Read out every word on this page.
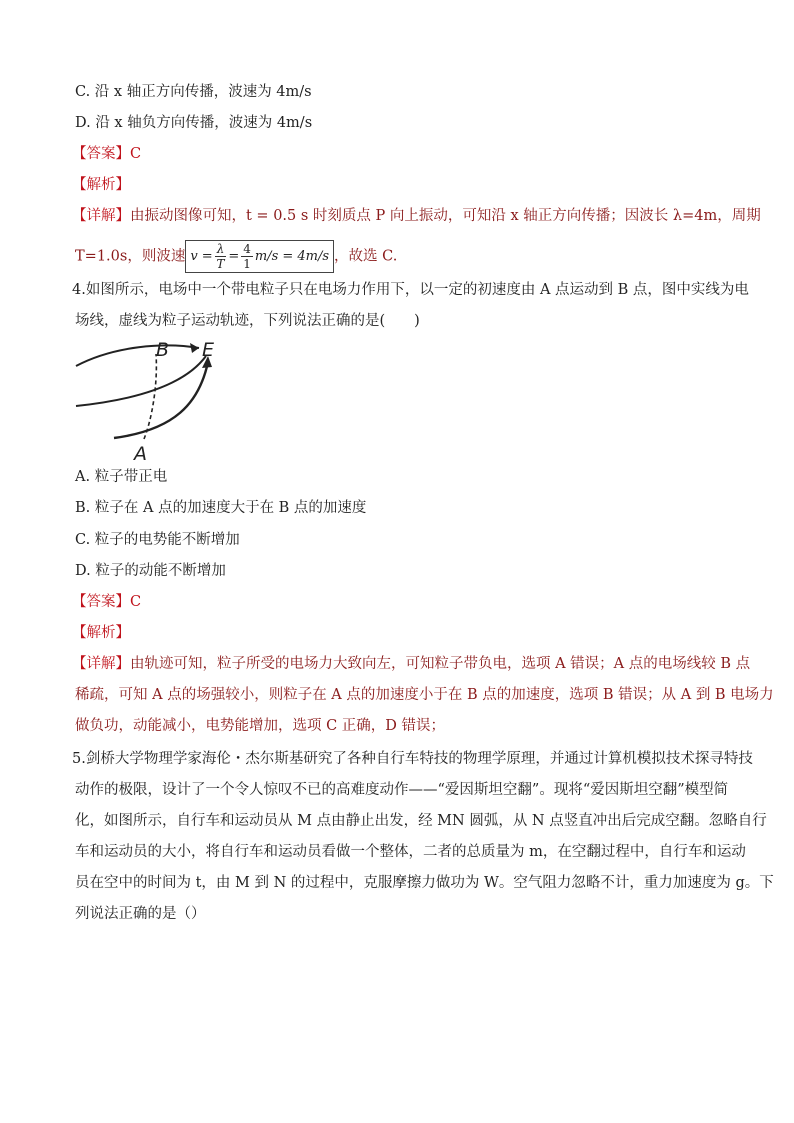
C. 沿 x 轴正方向传播，波速为 4m/s
D. 沿 x 轴负方向传播，波速为 4m/s
【答案】C
【解析】
【详解】由振动图像可知，t = 0.5 s 时刻质点 P 向上振动，可知沿 x 轴正方向传播；因波长 λ=4m，周期
T=1.0s，则波速 $v = \frac{\lambda}{T} = \frac{4}{1} m/s = 4m/s$ ，故选 C.
4.如图所示，电场中一个带电粒子只在电场力作用下，以一定的初速度由 A 点运动到 B 点，图中实线为电
场线，虚线为粒子运动轨迹，下列说法正确的是(　　)
B E
A
A. 粒子带正电
B. 粒子在 A 点的加速度大于在 B 点的加速度
C. 粒子的电势能不断增加
D. 粒子的动能不断增加
【答案】C
【解析】
【详解】由轨迹可知，粒子所受的电场力大致向左，可知粒子带负电，选项 A 错误；A 点的电场线较 B 点
稀疏，可知 A 点的场强较小，则粒子在 A 点的加速度小于在 B 点的加速度，选项 B 错误；从 A 到 B 电场力
做负功，动能减小，电势能增加，选项 C 正确，D 错误；
5.剑桥大学物理学家海伦・杰尔斯基研究了各种自行车特技的物理学原理，并通过计算机模拟技术探寻特技
动作的极限，设计了一个令人惊叹不已的高难度动作——“爱因斯坦空翻”。现将“爱因斯坦空翻”模型简
化，如图所示，自行车和运动员从 M 点由静止出发，经 MN 圆弧，从 N 点竖直冲出后完成空翻。忽略自行
车和运动员的大小，将自行车和运动员看做一个整体，二者的总质量为 m，在空翻过程中，自行车和运动
员在空中的时间为 t，由 M 到 N 的过程中，克服摩擦力做功为 W。空气阻力忽略不计，重力加速度为 g。下
列说法正确的是（）
